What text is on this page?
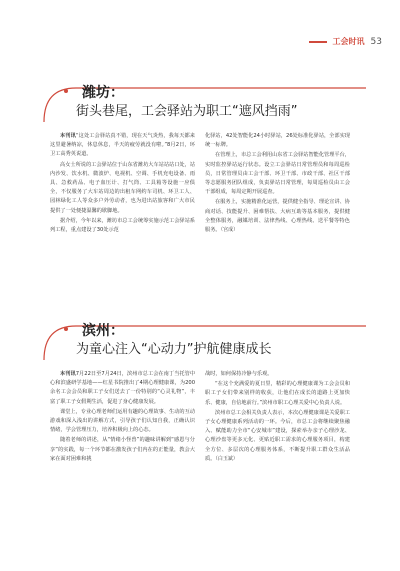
工会时讯 53
潍坊：
街头巷尾，工会驿站为职工“遮风挡雨”

本刊讯“这处工会驿站真不错，现在天气炎热，我每天都来这里避暑纳凉，休息休息，半天的疲劳就没有啦。”8月2日，环卫工高秀英说道。

高女士所说的工会驿站位于山东省潍坊大车站站站口处，站内沙发、饮水机、微波炉、电视机、空调、手机充电设备、雨具、急救药品、电子血压计、打气筒、工具箱等设施一应俱全，不仅服务了大车站周边的出租车网约车司机、环卫工人、园林绿化工人等众多户外劳动者，也为进出站旅客和广大市民提供了一处便捷温馨的歇脚地。

据介绍，今年以来，潍坊市总工会统筹实施示范工会驿站系列工程，重点建设了30处示范

化驿站，42处智能化24小时驿站，26处标准化驿站，全部实现统一标牌。

在管理上，市总工会利用山东省工会驿站智能化管理平台，实时监控驿站运行状态。设立工会驿站日常管理员和每周巡检员，日常管理员由工会干部、环卫干部、市政干部、社区干部等志愿服务团队组成，负责驿站日常管理，每周巡检员由工会干部组成，每周定期开展巡查。

在服务上，实施精准化运营，提供健全指导、理论宣讲、协商对话、技能提升、困难帮扶、大病互助等基本服务，提供健全整体服务，融媒培训、法律热线、心理热线、送平餐等特色服务。（宫成）

滨州：
为童心注入“心动力”护航健康成长

本刊讯7月22日至7月24日，滨州市总工会在南丁当托管中心和滨盛研学基地——红星书院推出了4期心理健康课，为200余名工会会员和职工子女们送去了一份特别的“心灵礼物”，丰富了职工子女假期生活，促进了身心健康发展。

课堂上，专业心理老师们运用有趣的心理故事、生动的互动游戏和深入浅出的讲解方式，引导孩子们认知自我，正确认识情绪，学会管理压力，培养积极向上的心态。

随着老师的讲述，从“情绪小怪兽”的趣味讲解到“感恩与分享”的实践，每一个环节都在激发孩子们内在的正能量，教会大家在面对困难和挑

战时，如何保持冷静与乐观。

“在这个充满爱的夏日里，精彩的心理健康课为工会会员和职工子女们带来别样的收获，让他们在成长的道路上更加快乐、健康，自信地前行。”滨州市职工心理关爱中心负责人说。

滨州市总工会相关负责人表示，本次心理健康课是关爱职工子女心理健康系列活动的一环。今后，市总工会将继续聚焦融入、赋能助力全市“心安城市”建设，探索举办亲子心理沙龙、心理沙盘等更多元化、更贴近职工需求的心理服务项目，构建全方位、多层次的心理服务体系，不断提升职工群众生活品质。（白玉斌）
